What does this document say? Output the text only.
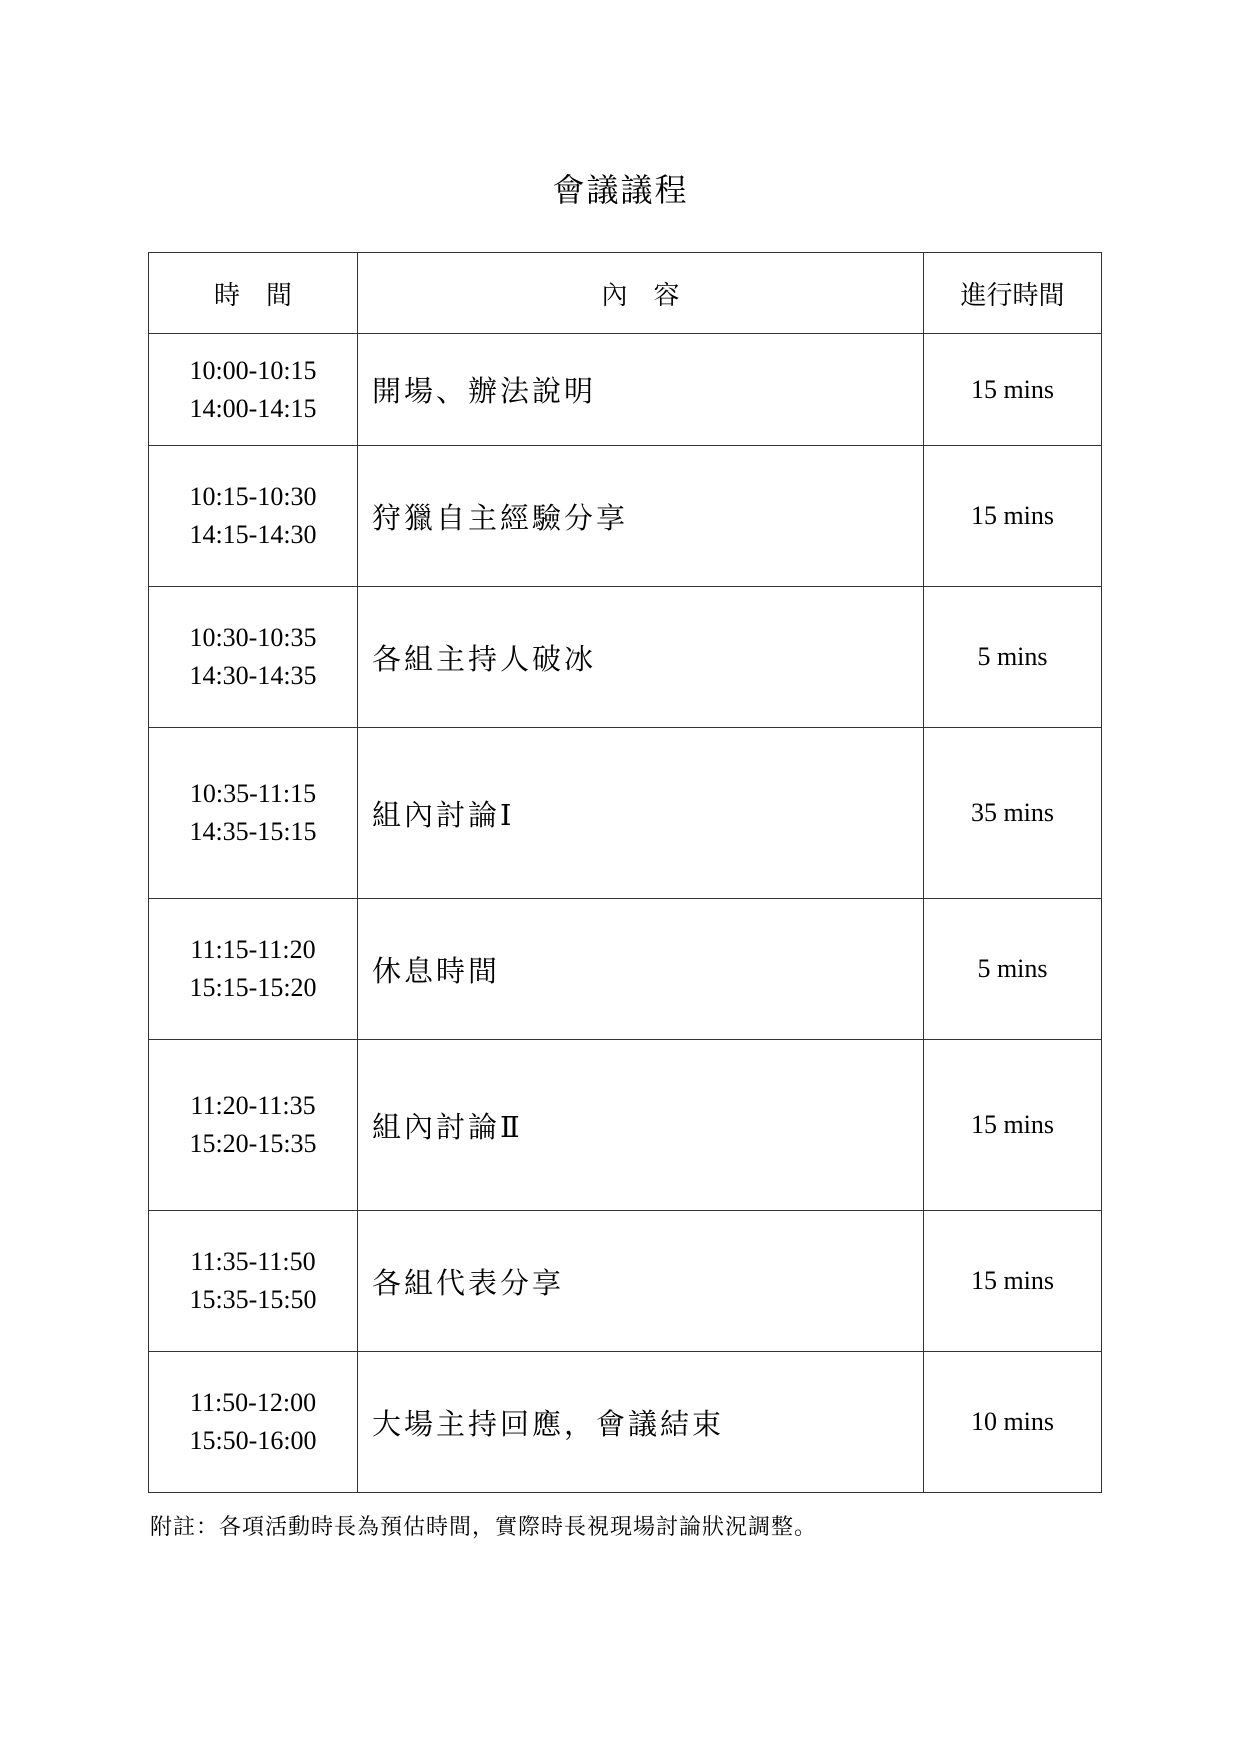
會議議程
時　間	內　容	進行時間

10:00-10:15
14:00-14:15	開場、辦法說明	15 mins

10:15-10:30
14:15-14:30	狩獵自主經驗分享	15 mins

10:30-10:35
14:30-14:35	各組主持人破冰	5 mins

10:35-11:15
14:35-15:15	組內討論Ⅰ	35 mins

11:15-11:20
15:15-15:20	休息時間	5 mins

11:20-11:35
15:20-15:35	組內討論Ⅱ	15 mins

11:35-11:50
15:35-15:50	各組代表分享	15 mins

11:50-12:00
15:50-16:00	大場主持回應，會議結束	10 mins
附註：各項活動時長為預估時間，實際時長視現場討論狀況調整。
